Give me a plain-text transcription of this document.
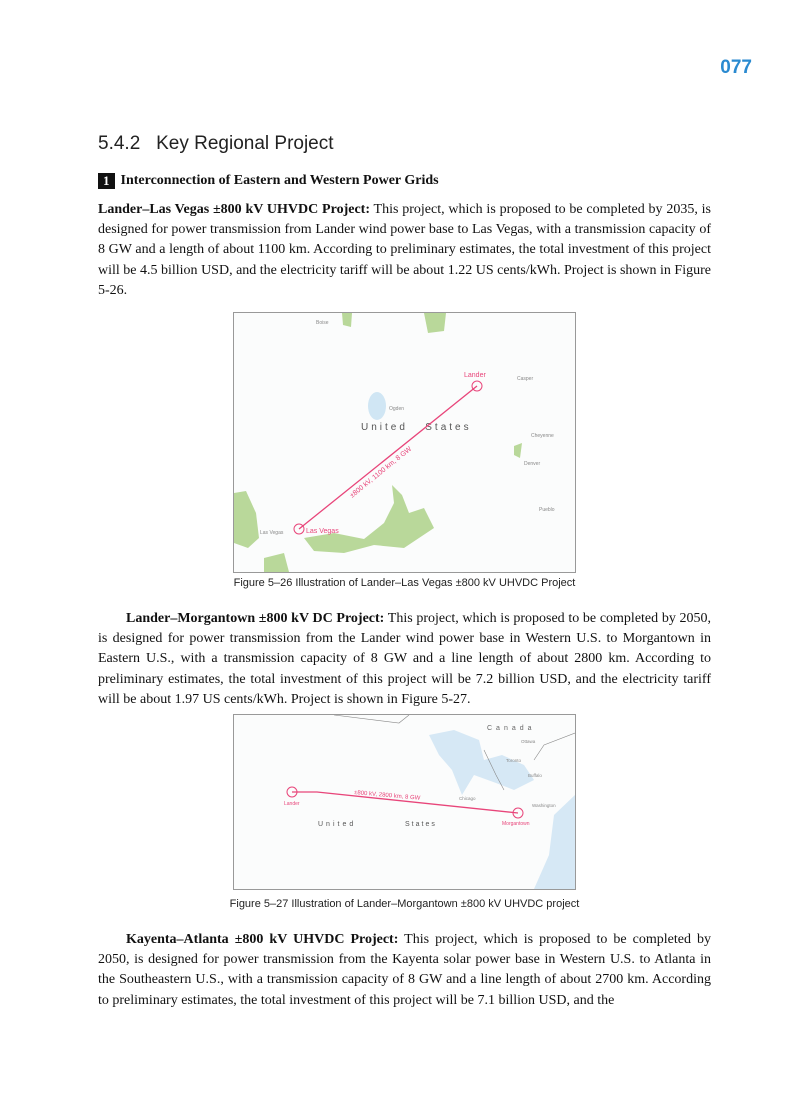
077
5.4.2   Key Regional Project
1 Interconnection of Eastern and Western Power Grids
Lander–Las Vegas ±800 kV UHVDC Project: This project, which is proposed to be completed by 2035, is designed for power transmission from Lander wind power base to Las Vegas, with a transmission capacity of 8 GW and a length of about 1100 km. According to preliminary estimates, the total investment of this project will be 4.5 billion USD, and the electricity tariff will be about 1.22 US cents/kWh. Project is shown in Figure 5-26.
Boise
Casper
Ogden
Cheyenne
Denver
Pueblo
Las Vegas
United   States
Lander
Las Vegas
±800 kV, 1100 km, 8 GW
Figure 5–26 Illustration of Lander–Las Vegas ±800 kV UHVDC Project
Lander–Morgantown ±800 kV DC Project: This project, which is proposed to be completed by 2050, is designed for power transmission from the Lander wind power base in Western U.S. to Morgantown in Eastern U.S., with a transmission capacity of 8 GW and a line length of about 2800 km. According to preliminary estimates, the total investment of this project will be 7.2 billion USD, and the electricity tariff will be about 1.97 US cents/kWh. Project is shown in Figure 5-27.
Canada
Ottawa
Toronto
Buffalo
Chicago
Washington
United	States
Lander
Morgantown
±800 kV, 2800 km, 8 GW
Figure 5–27 Illustration of Lander–Morgantown ±800 kV UHVDC project
Kayenta–Atlanta ±800 kV UHVDC Project: This project, which is proposed to be completed by 2050, is designed for power transmission from the Kayenta solar power base in Western U.S. to Atlanta in the Southeastern U.S., with a transmission capacity of 8 GW and a line length of about 2700 km. According to preliminary estimates, the total investment of this project will be 7.1 billion USD, and the
